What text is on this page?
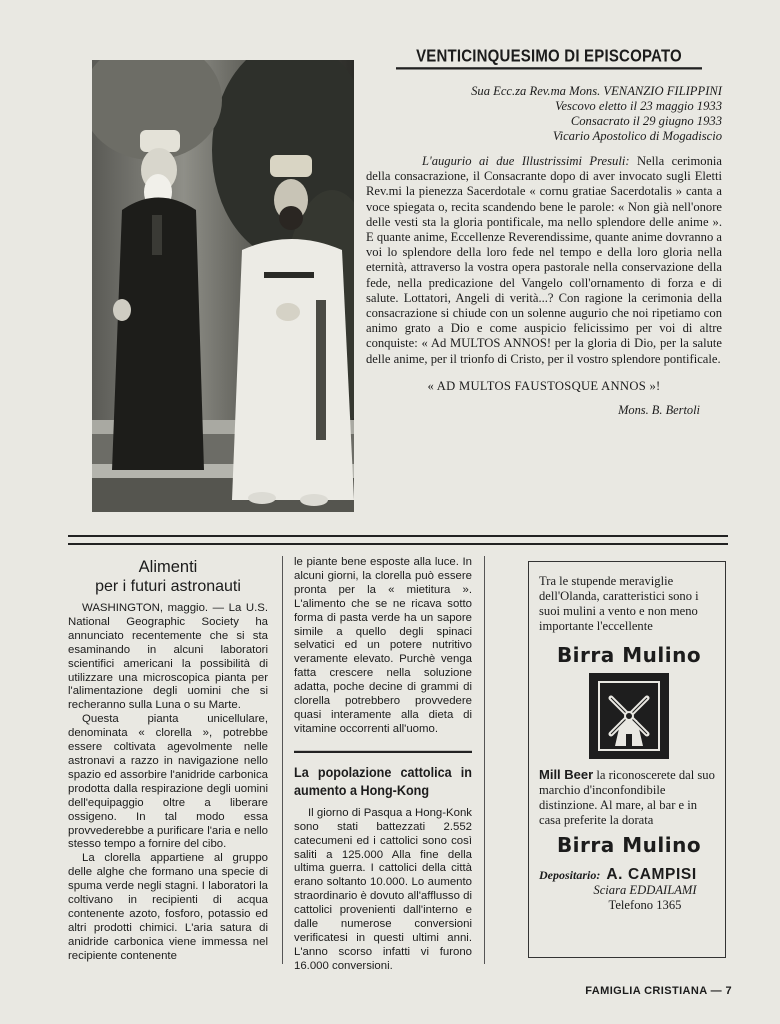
VENTICINQUESIMO DI EPISCOPATO
Sua Ecc.za Rev.ma Mons. VENANZIO FILIPPINI
Vescovo eletto il 23 maggio 1933
Consacrato il 29 giugno 1933
Vicario Apostolico di Mogadiscio
L'augurio ai due Illustrissimi Presuli: Nella cerimonia della consacrazione, il Consacrante dopo di aver invocato sugli Eletti Rev.mi la pienezza Sacerdotale « cornu gratiae Sacerdotalis » canta a voce spiegata o, recita scandendo bene le parole: « Non già nell'onore delle vesti sta la gloria pontificale, ma nello splendore delle anime ». E quante anime, Eccellenze Reverendissime, quante anime dovranno a voi lo splendore della loro fede nel tempo e della loro gloria nella eternità, attraverso la vostra opera pastorale nella conservazione della fede, nella predicazione del Vangelo coll'ornamento di forza e di salute. Lottatori, Angeli di verità...? Con ragione la cerimonia della consacrazione si chiude con un solenne augurio che noi ripetiamo con animo grato a Dio e come auspicio felicissimo per voi di altre conquiste: « Ad MULTOS ANNOS! per la gloria di Dio, per la salute delle anime, per il trionfo di Cristo, per il vostro splendore pontificale.
« AD MULTOS FAUSTOSQUE ANNOS »!
Mons. B. Bertoli
Alimenti
per i futuri astronauti

WASHINGTON, maggio. — La U.S. National Geographic Society ha annunciato recentemente che si sta esaminando in alcuni laboratori scientifici americani la possibilità di utilizzare una microscopica pianta per l'alimentazione degli uomini che si recheranno sulla Luna o su Marte.

Questa pianta unicellulare, denominata « clorella », potrebbe essere coltivata agevolmente nelle astronavi a razzo in navigazione nello spazio ed assorbire l'anidride carbonica prodotta dalla respirazione degli uomini dell'equipaggio oltre a liberare ossigeno. In tal modo essa provvederebbe a purificare l'aria e nello stesso tempo a fornire del cibo.

La clorella appartiene al gruppo delle alghe che formano una specie di spuma verde negli stagni. I laboratori la coltivano in recipienti di acqua contenente azoto, fosforo, potassio ed altri prodotti chimici. L'aria satura di anidride carbonica viene immessa nel recipiente contenente

le piante bene esposte alla luce. In alcuni giorni, la clorella può essere pronta per la « mietitura ». L'alimento che se ne ricava sotto forma di pasta verde ha un sapore simile a quello degli spinaci selvatici ed un potere nutritivo veramente elevato. Purchè venga fatta crescere nella soluzione adatta, poche decine di grammi di clorella potrebbero provvedere quasi interamente alla dieta di vitamine occorrenti all'uomo.

La popolazione cattolica in aumento a Hong-Kong

Il giorno di Pasqua a Hong-Konk sono stati battezzati 2.552 catecumeni ed i cattolici sono così saliti a 125.000 Alla fine della ultima guerra. I cattolici della città erano soltanto 10.000. Lo aumento straordinario è dovuto all'afflusso di cattolici provenienti dall'interno e dalle numerose conversioni verificatesi in questi ultimi anni. L'anno scorso infatti vi furono 16.000 conversioni.

Tra le stupende meraviglie dell'Olanda, caratteristici sono i suoi mulini a vento e non meno importante l'eccellente
Birra Mulino
Mill Beer la riconoscerete dal suo marchio d'inconfondibile distinzione. Al mare, al bar e in casa preferite la dorata
Birra Mulino
Depositario: A. CAMPISI
Sciara EDDAILAMI
Telefono 1365
FAMIGLIA CRISTIANA — 7
